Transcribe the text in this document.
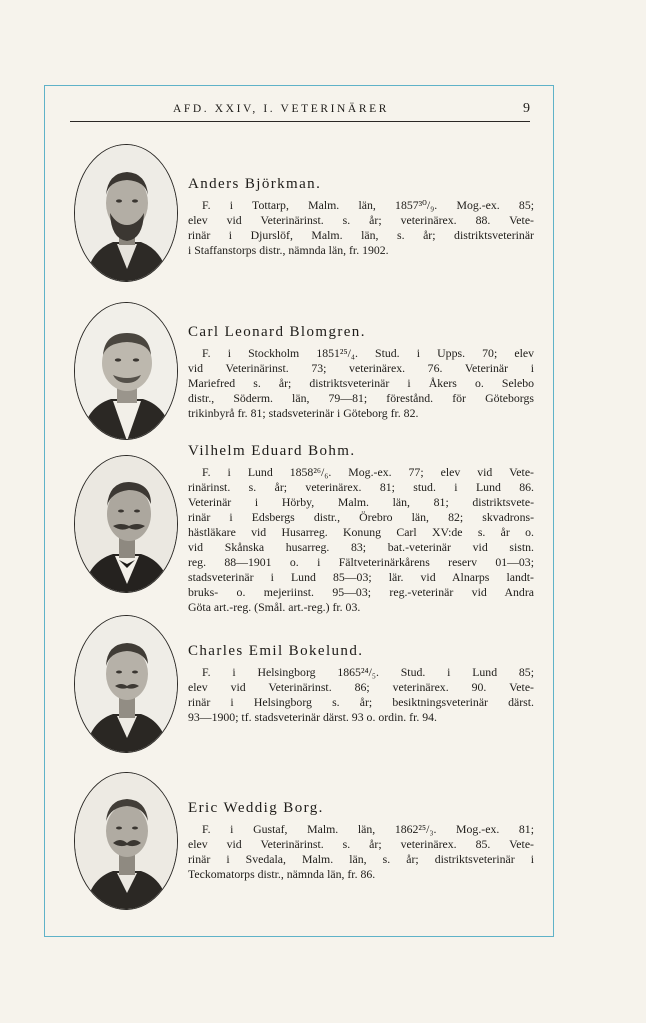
AFD. XXIV, I. VETERINÄRER	9
Anders Björkman.
F. i Tottarp, Malm. län, 1857³⁰/₉. Mog.-ex. 85;
elev vid Veterinärinst. s. år; veterinärex. 88. Vete-
rinär i Djurslöf, Malm. län, s. år; distriktsveterinär
i Staffanstorps distr., nämnda län, fr. 1902.
Carl Leonard Blomgren.
F. i Stockholm 1851²⁵/₄. Stud. i Upps. 70; elev
vid Veterinärinst. 73; veterinärex. 76. Veterinär i
Mariefred s. år; distriktsveterinär i Åkers o. Selebo
distr., Söderm. län, 79—81; förestånd. för Göteborgs
trikinbyrå fr. 81; stadsveterinär i Göteborg fr. 82.
Vilhelm Eduard Bohm.
F. i Lund 1858²⁶/₆. Mog.-ex. 77; elev vid Vete-
rinärinst. s. år; veterinärex. 81; stud. i Lund 86.
Veterinär i Hörby, Malm. län, 81; distriktsvete-
rinär i Edsbergs distr., Örebro län, 82; skvadrons-
hästläkare vid Husarreg. Konung Carl XV:de s. år o.
vid Skånska husarreg. 83; bat.-veterinär vid sistn.
reg. 88—1901 o. i Fältveterinärkårens reserv 01—03;
stadsveterinär i Lund 85—03; lär. vid Alnarps landt-
bruks- o. mejeriinst. 95—03; reg.-veterinär vid Andra
Göta art.-reg. (Smål. art.-reg.) fr. 03.
Charles Emil Bokelund.
F. i Helsingborg 1865²⁴/₅. Stud. i Lund 85;
elev vid Veterinärinst. 86; veterinärex. 90. Vete-
rinär i Helsingborg s. år; besiktningsveterinär därst.
93—1900; tf. stadsveterinär därst. 93 o. ordin. fr. 94.
Eric Weddig Borg.
F. i Gustaf, Malm. län, 1862²⁵/₃. Mog.-ex. 81;
elev vid Veterinärinst. s. år; veterinärex. 85. Vete-
rinär i Svedala, Malm. län, s. år; distriktsveterinär i
Teckomatorps distr., nämnda län, fr. 86.
